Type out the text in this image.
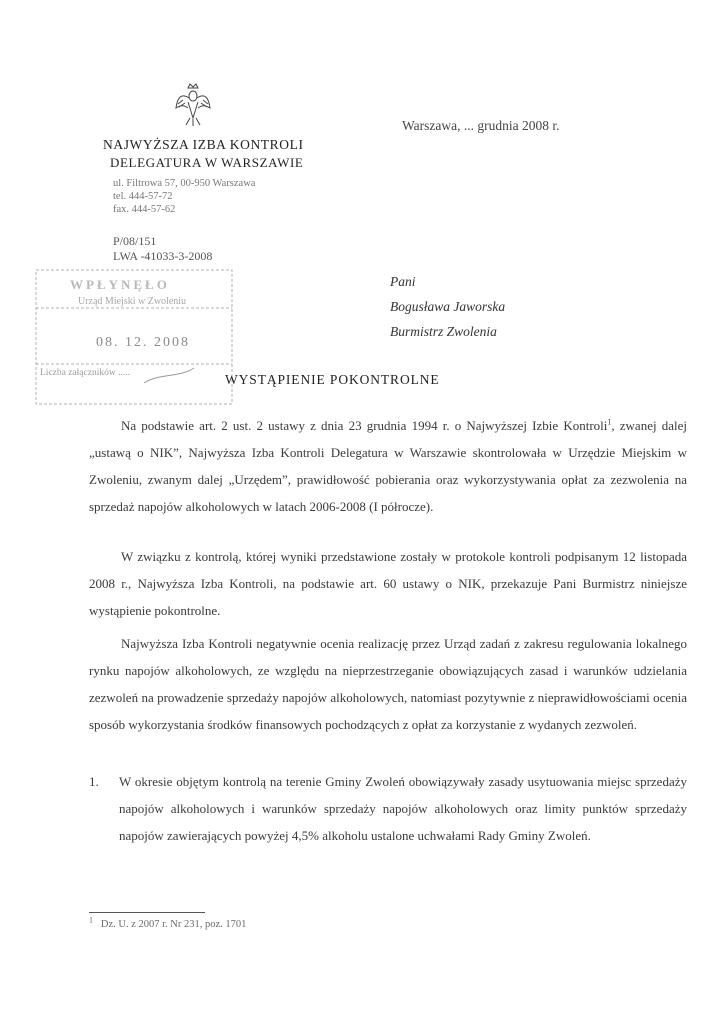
NAJWYŻSZA IZBA KONTROLI
DELEGATURA W WARSZAWIE
ul. Filtrowa 57, 00-950 Warszawa
tel. 444-57-72
fax. 444-57-62
P/08/151
LWA -41033-3-2008
Warszawa, ... grudnia 2008 r.
Pani
Bogusława Jaworska
Burmistrz Zwolenia
WPŁYNĘŁO
Urząd Miejski w Zwoleniu
08. 12. 2008
Liczba załączników .....	WYSTĄPIENIE POKONTROLNE
Na podstawie art. 2 ust. 2 ustawy z dnia 23 grudnia 1994 r. o Najwyższej Izbie Kontroli$^1$, zwanej dalej „ustawą o NIK”, Najwyższa Izba Kontroli Delegatura w Warszawie skontrolowała w Urzędzie Miejskim w Zwoleniu, zwanym dalej „Urzędem”, prawidłowość pobierania oraz wykorzystywania opłat za zezwolenia na sprzedaż napojów alkoholowych w latach 2006-2008 (I półrocze).
W związku z kontrolą, której wyniki przedstawione zostały w protokole kontroli podpisanym 12 listopada 2008 r., Najwyższa Izba Kontroli, na podstawie art. 60 ustawy o NIK, przekazuje Pani Burmistrz niniejsze wystąpienie pokontrolne.
Najwyższa Izba Kontroli negatywnie ocenia realizację przez Urząd zadań z zakresu regulowania lokalnego rynku napojów alkoholowych, ze względu na nieprzestrzeganie obowiązujących zasad i warunków udzielania zezwoleń na prowadzenie sprzedaży napojów alkoholowych, natomiast pozytywnie z nieprawidłowościami ocenia sposób wykorzystania środków finansowych pochodzących z opłat za korzystanie z wydanych zezwoleń.
1. W okresie objętym kontrolą na terenie Gminy Zwoleń obowiązywały zasady usytuowania miejsc sprzedaży napojów alkoholowych i warunków sprzedaży napojów alkoholowych oraz limity punktów sprzedaży napojów zawierających powyżej 4,5% alkoholu ustalone uchwałami Rady Gminy Zwoleń.
$^1$ Dz. U. z 2007 r. Nr 231, poz. 1701
